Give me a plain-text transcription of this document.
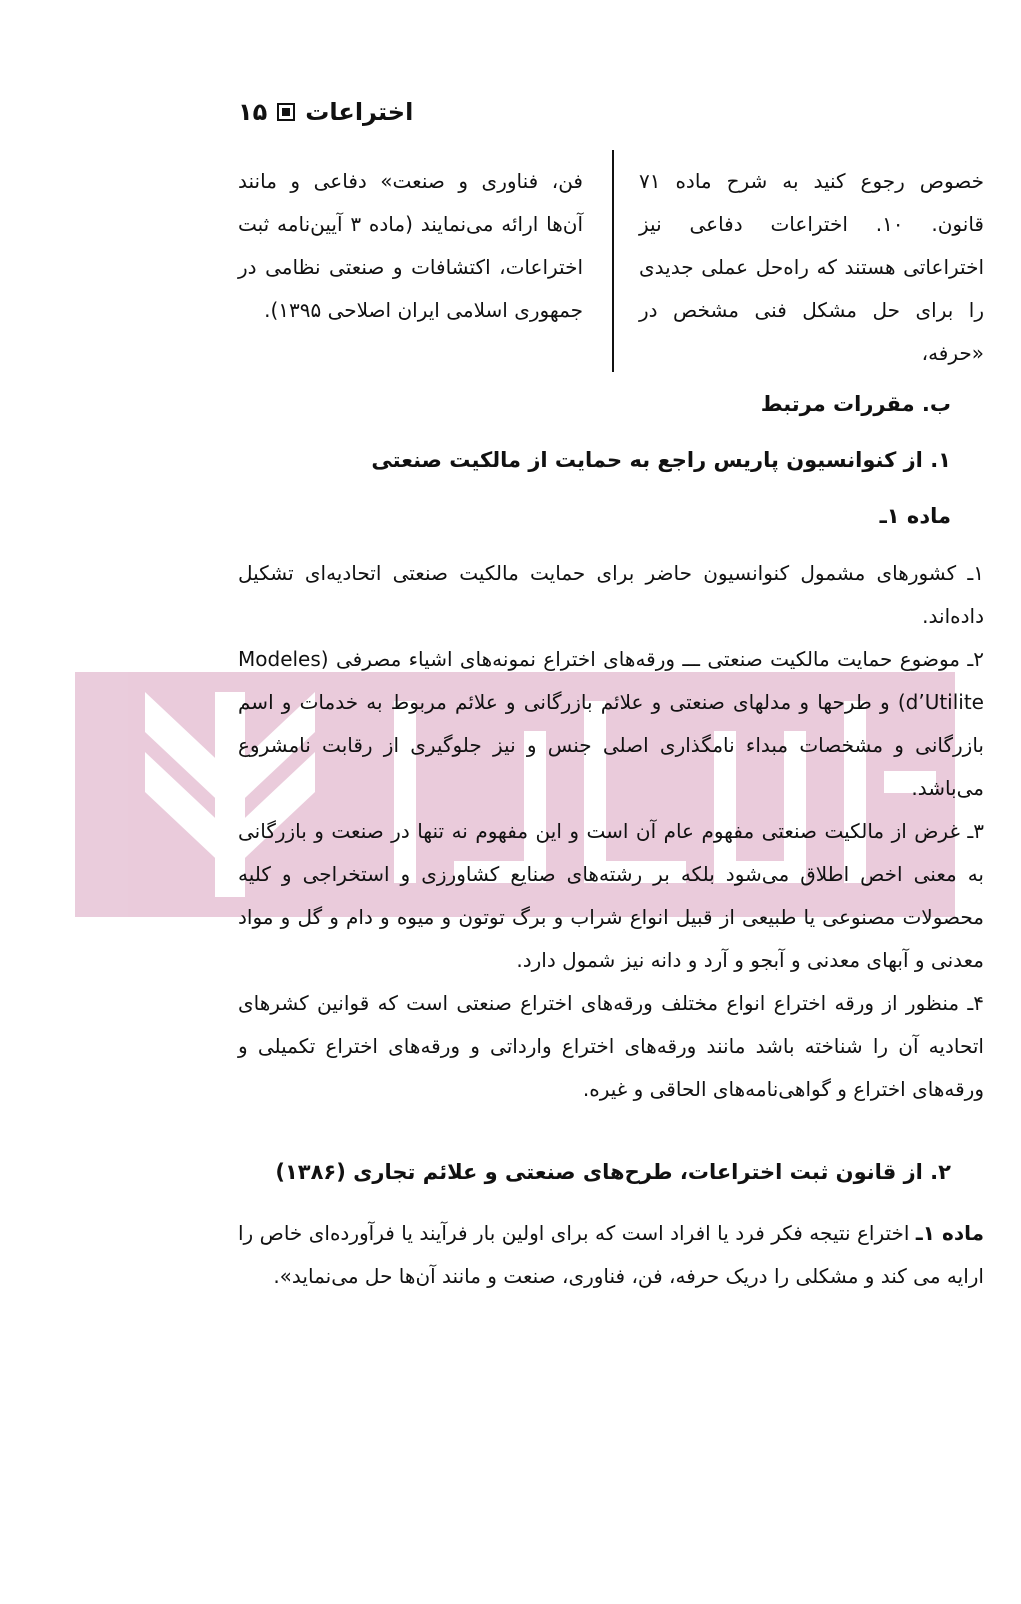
اختراعات
۱۵

خصوص رجوع کنید به شرح ماده ۷۱ قانون. ۱۰. اختراعات دفاعی نیز اختراعاتی هستند که راه‌حل عملی جدیدی را برای حل مشکل فنی مشخص در «حرفه،

فن، فناوری و صنعت» دفاعی و مانند آن‌ها ارائه می‌نمایند (ماده ۳ آیین‌نامه ثبت اختراعات، اکتشافات و صنعتی نظامی در جمهوری اسلامی ایران اصلاحی ۱۳۹۵).

ب. مقررات مرتبط
۱. از کنوانسیون پاریس راجع به حمایت از مالکیت صنعتی
ماده ۱ـ

۱ـ کشورهای مشمول کنوانسیون حاضر برای حمایت مالکیت صنعتی اتحادیه‌ای تشکیل داده‌اند.

۲ـ موضوع حمایت مالکیت صنعتی ـــ ورقه‌های اختراع نمونه‌های اشیاء مصرفی (Modeles d’Utilite) و طرحها و مدلهای صنعتی و علائم بازرگانی و علائم مربوط به خدمات و اسم بازرگانی و مشخصات مبداء نامگذاری اصلی جنس و نیز جلوگیری از رقابت نامشروع می‌باشد.

۳ـ غرض از مالکیت صنعتی مفهوم عام آن است و این مفهوم نه تنها در صنعت و بازرگانی به معنی اخص اطلاق می‌شود بلکه بر رشته‌های صنایع کشاورزی و استخراجی و کلیه محصولات مصنوعی یا طبیعی از قبیل انواع شراب و برگ توتون و میوه و دام و گل و مواد معدنی و آبهای معدنی و آبجو و آرد و دانه نیز شمول دارد.

۴ـ منظور از ورقه اختراع انواع مختلف ورقه‌های اختراع صنعتی است که قوانین کشرهای اتحادیه آن را شناخته باشد مانند ورقه‌های اختراع وارداتی و ورقه‌های اختراع تکمیلی و ورقه‌های اختراع و گواهی‌نامه‌های الحاقی و غیره.

۲. از قانون ثبت اختراعات، طرح‌های صنعتی و علائم تجاری (۱۳۸۶)

ماده ۱ـ اختراع نتیجه فکر فرد یا افراد است که برای اولین بار فرآیند یا فرآورده‌ای خاص را ارایه می کند و مشکلی را دریک حرفه، فن، فناوری، صنعت و مانند آن‌ها حل می‌نماید».
